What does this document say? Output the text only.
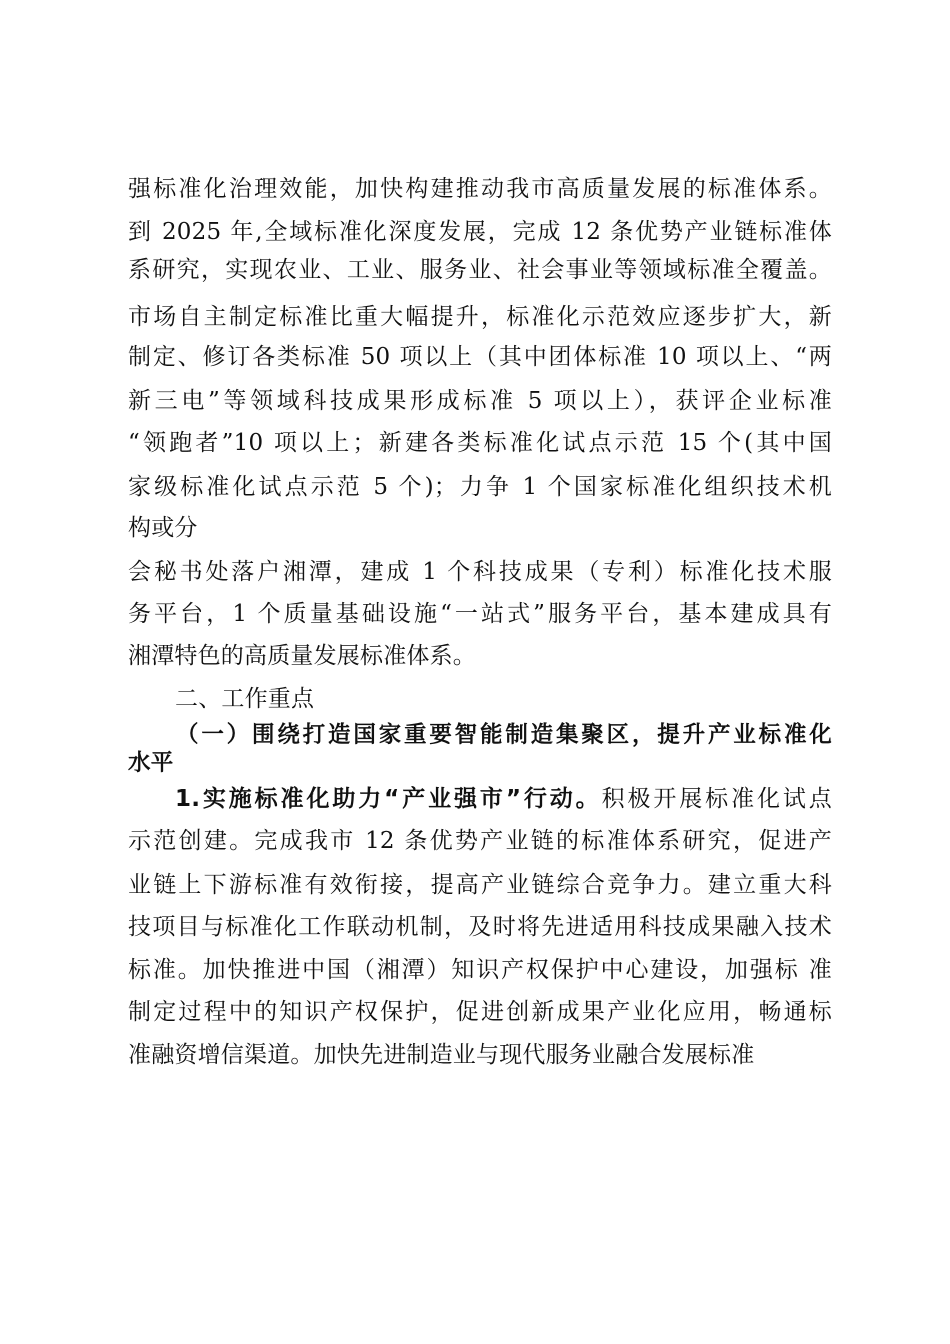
强标准化治理效能，加快构建推动我市高质量发展的标准体系。

到 2025 年,全域标准化深度发展，完成 12 条优势产业链标准体

系研究，实现农业、工业、服务业、社会事业等领域标准全覆盖。

市场自主制定标准比重大幅提升，标准化示范效应逐步扩大，新

制定、修订各类标准 50 项以上（其中团体标准 10 项以上、“两

新三电”等领域科技成果形成标准 5 项以上），获评企业标准

“领跑者”10 项以上；新建各类标准化试点示范 15 个(其中国

家级标准化试点示范 5 个)；力争 1 个国家标准化组织技术机

构或分

会秘书处落户湘潭，建成 1 个科技成果（专利）标准化技术服

务平台，1 个质量基础设施“一站式”服务平台，基本建成具有

湘潭特色的高质量发展标准体系。

二、工作重点

（一）围绕打造国家重要智能制造集聚区，提升产业标准化

水平

1.实施标准化助力“产业强市”行动。积极开展标准化试点

示范创建。完成我市 12 条优势产业链的标准体系研究，促进产

业链上下游标准有效衔接，提高产业链综合竞争力。建立重大科

技项目与标准化工作联动机制，及时将先进适用科技成果融入技术

标准。加快推进中国（湘潭）知识产权保护中心建设，加强标 准

制定过程中的知识产权保护，促进创新成果产业化应用，畅通标

准融资增信渠道。加快先进制造业与现代服务业融合发展标准
